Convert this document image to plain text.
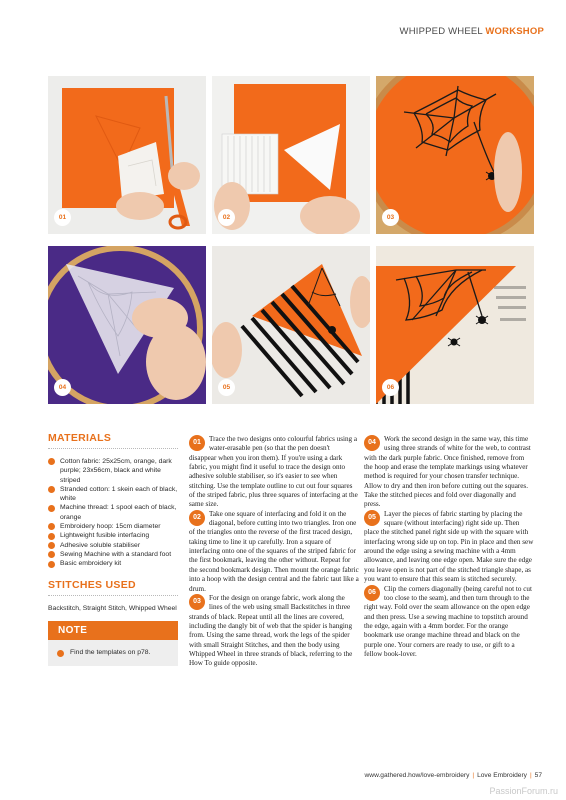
WHIPPED WHEEL WORKSHOP
01	02	03
04	05	06
MATERIALS
Cotton fabric: 25x25cm, orange, dark purple; 23x56cm, black and white striped
Stranded cotton: 1 skein each of black, white
Machine thread: 1 spool each of black, orange
Embroidery hoop: 15cm diameter
Lightweight fusible interfacing
Adhesive soluble stabiliser
Sewing Machine with a standard foot
Basic embroidery kit
STITCHES USED
Backstitch, Straight Stitch, Whipped Wheel
NOTE
Find the templates on p78.

01	Trace the two designs onto colourful fabrics using a water-erasable pen (so that the pen doesn't disappear when you iron them). If you're using a dark fabric, you might find it useful to trace the design onto adhesive soluble stabiliser, so it's easier to see when stitching. Use the template outline to cut out four squares of the striped fabric, plus three squares of interfacing at the same size.

02	Take one square of interfacing and fold it on the diagonal, before cutting into two triangles. Iron one of the triangles onto the reverse of the first traced design, taking time to line it up carefully. Iron a square of interfacing onto one of the squares of the striped fabric for the first bookmark, leaving the other without. Repeat for the second bookmark design. Then mount the orange fabric into a hoop with the design central and the fabric taut like a drum.

03	For the design on orange fabric, work along the lines of the web using small Backstitches in three strands of black. Repeat until all the lines are covered, including the dangly bit of web that the spider is hanging from. Using the same thread, work the legs of the spider with small Straight Stitches, and then the body using Whipped Wheel in three strands of black, referring to the How To guide opposite.

04	Work the second design in the same way, this time using three strands of white for the web, to contrast with the dark purple fabric. Once finished, remove from the hoop and erase the template markings using whatever method is required for your chosen transfer technique. Allow to dry and then iron before cutting out the squares. Take the stitched pieces and fold over diagonally and press.

05	Layer the pieces of fabric starting by placing the square (without interfacing) right side up. Then place the stitched panel right side up with the square with interfacing wrong side up on top. Pin in place and then sew around the edge using a sewing machine with a 4mm allowance, and leaving one edge open. Make sure the edge you leave open is not part of the stitched triangle shape, as you want to ensure that this seam is stitched securely.

06	Clip the corners diagonally (being careful not to cut too close to the seam), and then turn through to the right way. Fold over the seam allowance on the open edge and then press. Use a sewing machine to topstitch around the edge, again with a 4mm border. For the orange bookmark use orange machine thread and black on the purple one. Your corners are ready to use, or gift to a fellow book-lover.

www.gathered.how/love-embroidery | Love Embroidery | 57
PassionForum.ru
